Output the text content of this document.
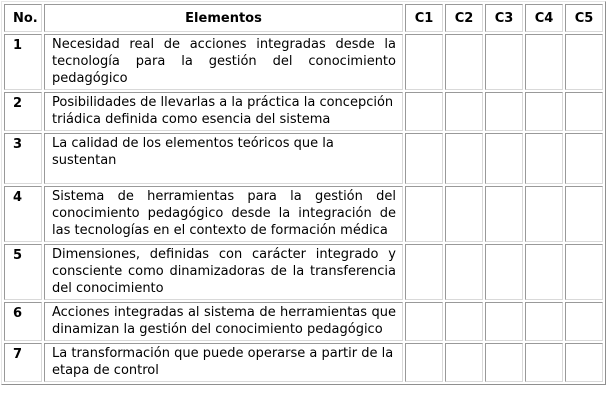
No.	Elementos	C1	C2	C3	C4	C5
1	Necesidad real de acciones integradas desde la tecnología para la gestión del conocimiento pedagógico					
2	Posibilidades de llevarlas a la práctica la concepción triádica definida como esencia del sistema					
3	La calidad de los elementos teóricos que la sustentan					
4	Sistema de herramientas para la gestión del conocimiento pedagógico desde la integración de las tecnologías en el contexto de formación médica					
5	Dimensiones, definidas con carácter integrado y consciente como dinamizadoras de la transferencia del conocimiento					
6	Acciones integradas al sistema de herramientas que dinamizan la gestión del conocimiento pedagógico					
7	La transformación que puede operarse a partir de la etapa de control					
